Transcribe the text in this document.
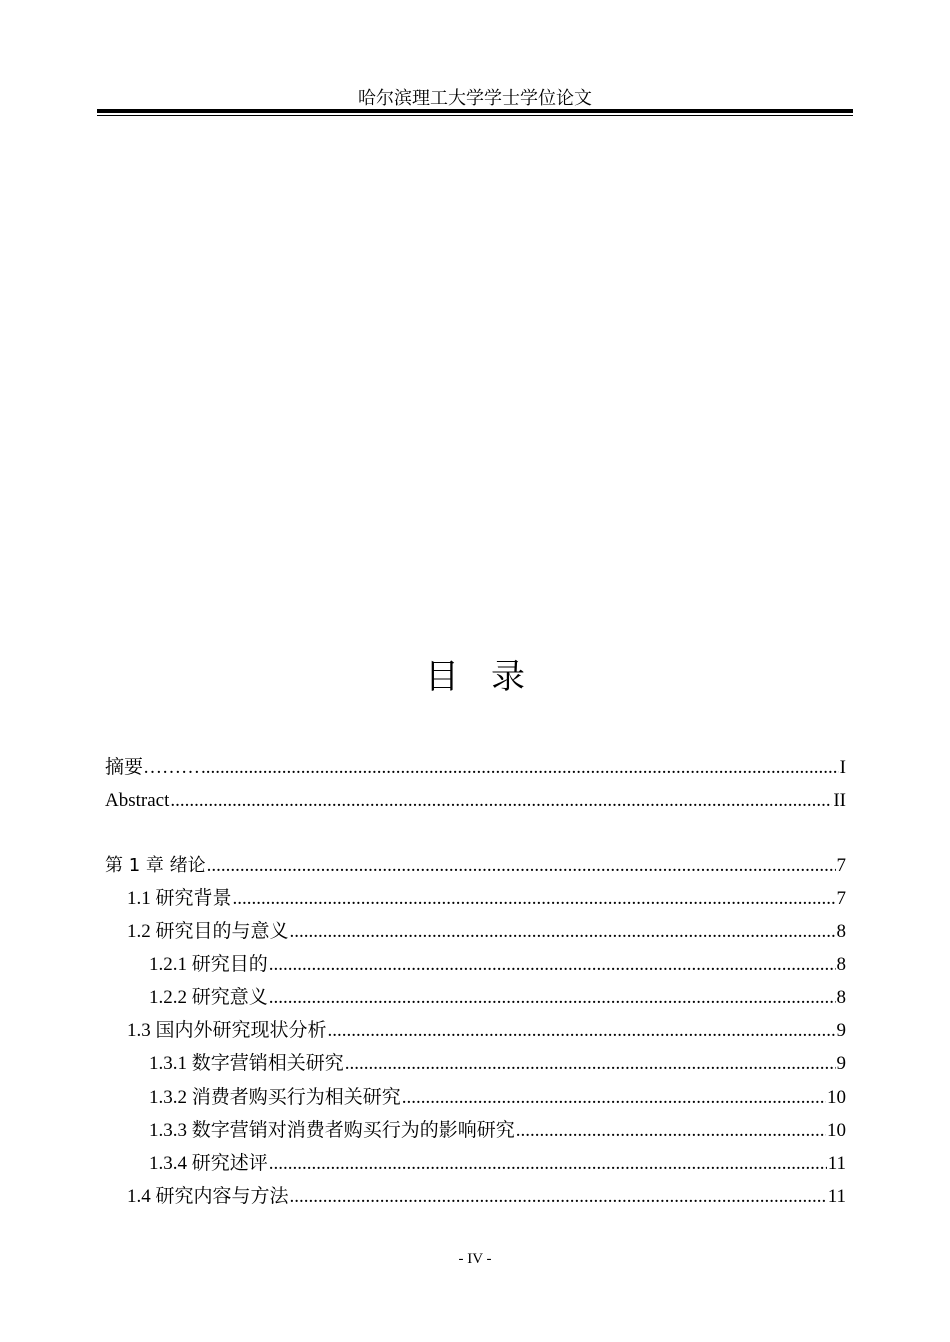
哈尔滨理工大学学士学位论文
目 录
摘要……… .....	I
Abstract .....	II
第 1 章 绪论 .....	7
1.1 研究背景 .....	7
1.2 研究目的与意义 .....	8
1.2.1 研究目的 .....	8
1.2.2 研究意义 .....	8
1.3 国内外研究现状分析 .....	9
1.3.1 数字营销相关研究 .....	9
1.3.2 消费者购买行为相关研究 .....	10
1.3.3 数字营销对消费者购买行为的影响研究 .....	10
1.3.4 研究述评 .....	11
1.4 研究内容与方法 .....	11
- IV -
